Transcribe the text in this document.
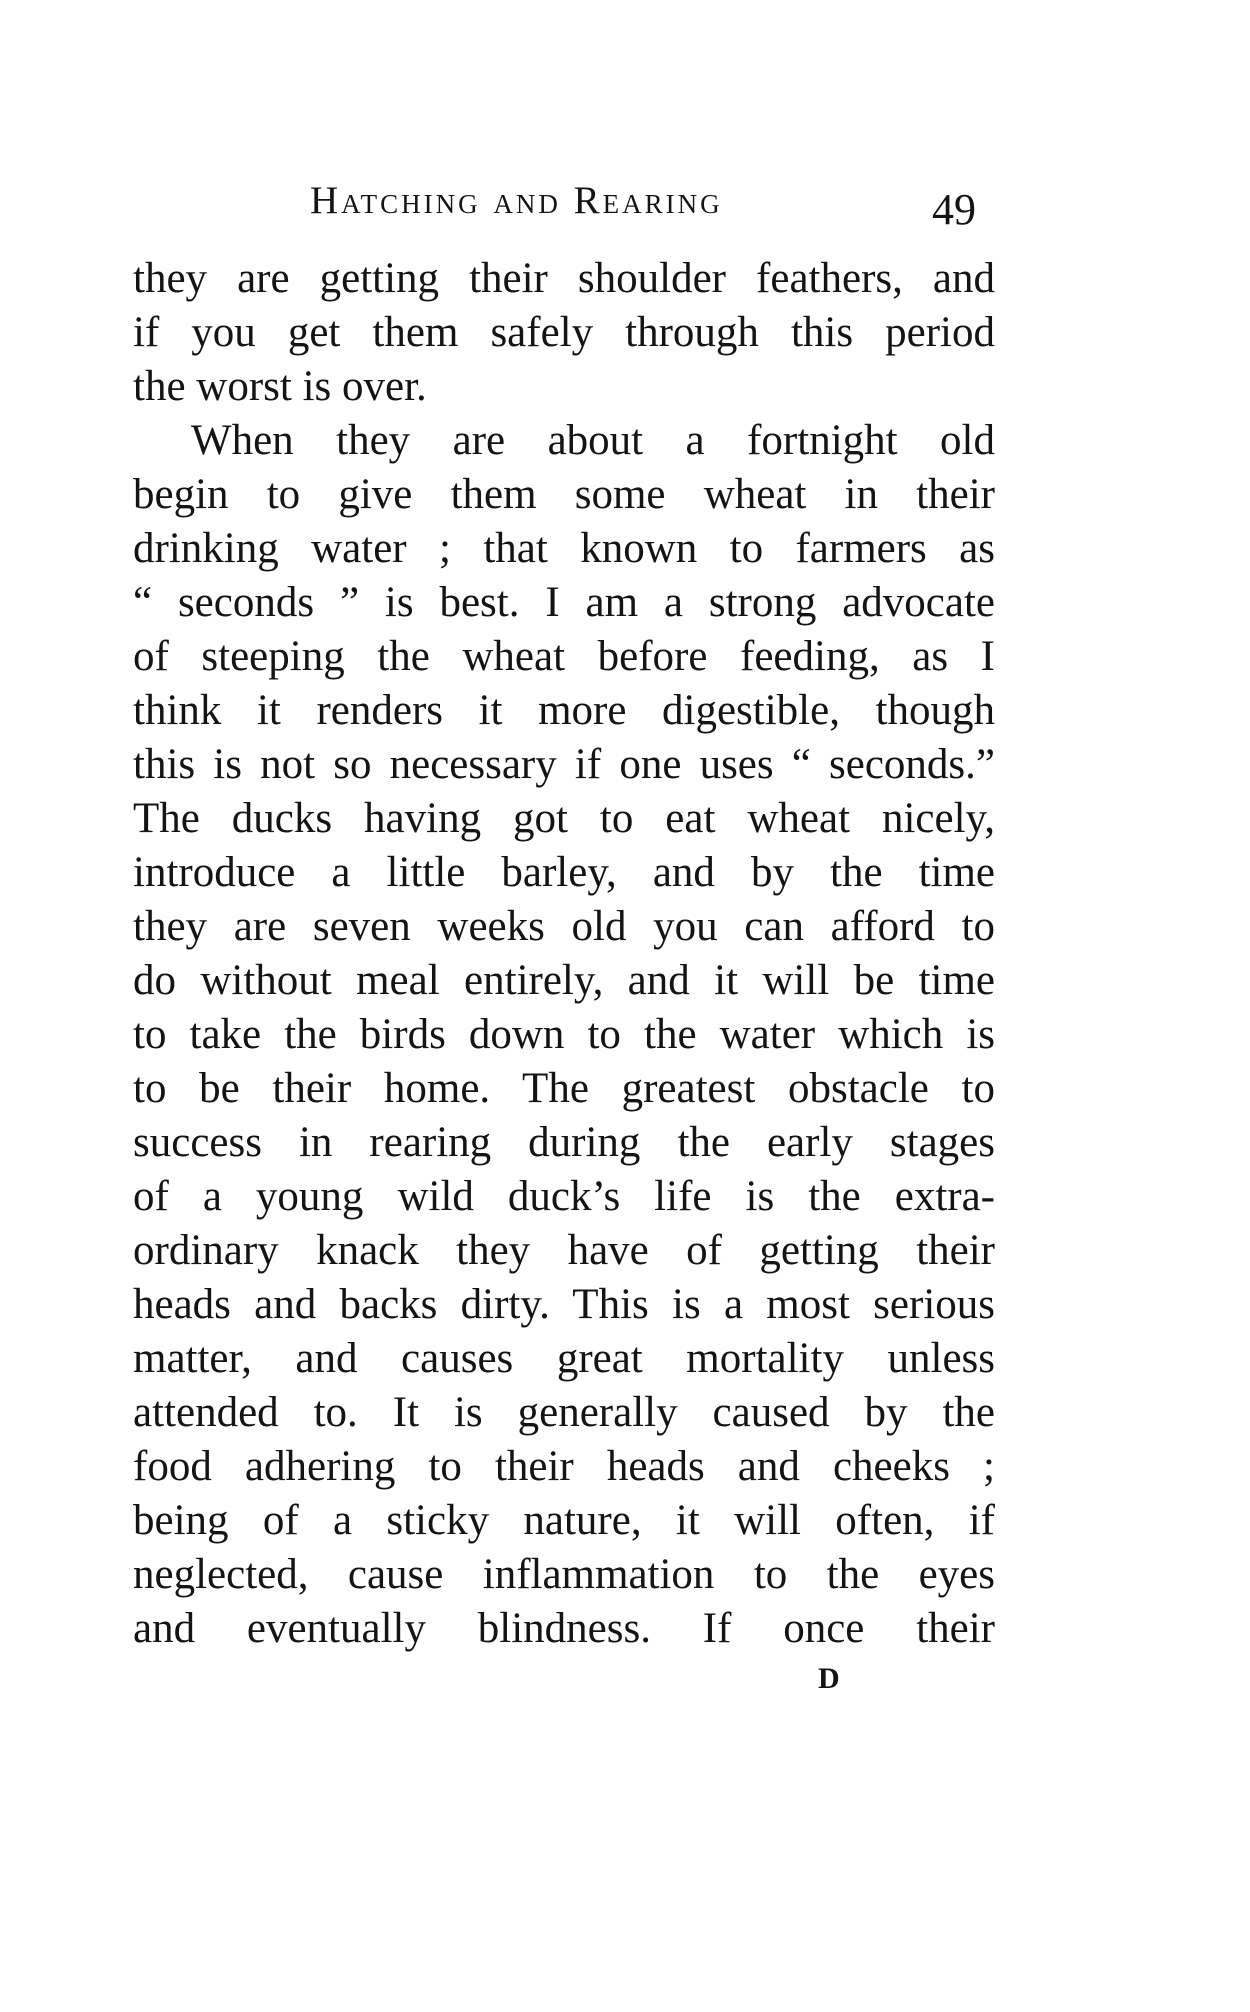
Hatching and Rearing	49
they are getting their shoulder feathers, and
if you get them safely through this period
the worst is over.
When they are about a fortnight old
begin to give them some wheat in their
drinking water ; that known to farmers as
“ seconds ” is best. I am a strong advocate
of steeping the wheat before feeding, as I
think it renders it more digestible, though
this is not so necessary if one uses “ seconds.”
The ducks having got to eat wheat nicely,
introduce a little barley, and by the time
they are seven weeks old you can afford to
do without meal entirely, and it will be time
to take the birds down to the water which is
to be their home. The greatest obstacle to
success in rearing during the early stages
of a young wild duck’s life is the extra-
ordinary knack they have of getting their
heads and backs dirty. This is a most serious
matter, and causes great mortality unless
attended to. It is generally caused by the
food adhering to their heads and cheeks ;
being of a sticky nature, it will often, if
neglected, cause inflammation to the eyes
and eventually blindness. If once their
D
